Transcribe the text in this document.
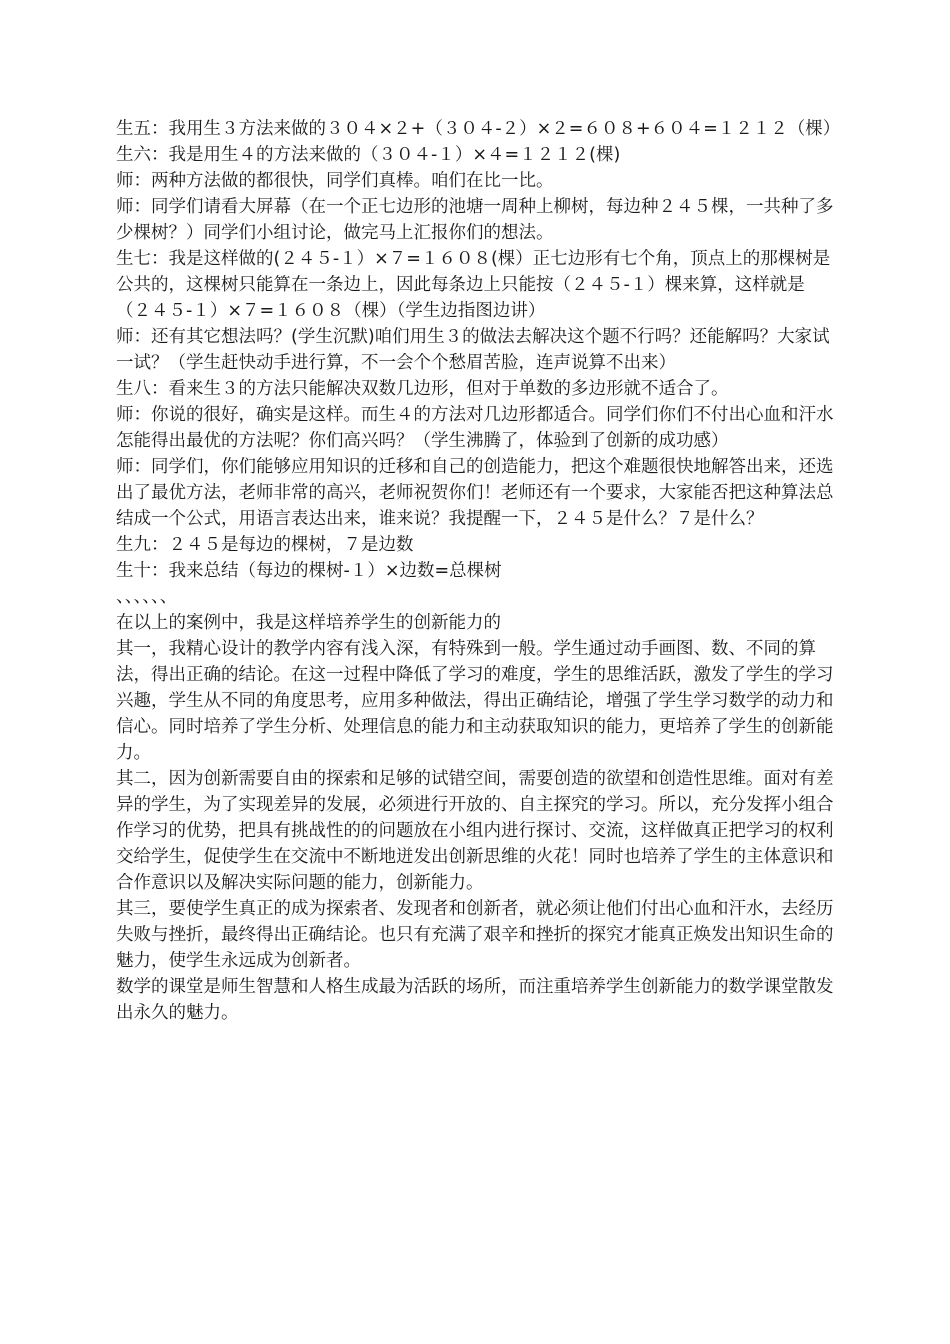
生五：我用生３方法来做的３０４×２+（３０４-２）×２=６０８+６０４=１２１２（棵）

生六：我是用生４的方法来做的（３０４-１）×４=１２１２(棵)

师：两种方法做的都很快，同学们真棒。咱们在比一比。

师：同学们请看大屏幕（在一个正七边形的池塘一周种上柳树，每边种２４５棵，一共种了多少棵树？）同学们小组讨论，做完马上汇报你们的想法。

生七：我是这样做的(２４５-１）×７=１６０８(棵）正七边形有七个角，顶点上的那棵树是公共的，这棵树只能算在一条边上，因此每条边上只能按（２４５-１）棵来算，这样就是（２４５-１）×７=１６０８（棵）（学生边指图边讲）

师：还有其它想法吗？(学生沉默)咱们用生３的做法去解决这个题不行吗？还能解吗？大家试一试？（学生赶快动手进行算，不一会个个愁眉苦脸，连声说算不出来）

生八：看来生３的方法只能解决双数几边形，但对于单数的多边形就不适合了。

师：你说的很好，确实是这样。而生４的方法对几边形都适合。同学们你们不付出心血和汗水怎能得出最优的方法呢？你们高兴吗？（学生沸腾了，体验到了创新的成功感）

师：同学们，你们能够应用知识的迁移和自己的创造能力，把这个难题很快地解答出来，还选出了最优方法，老师非常的高兴，老师祝贺你们！老师还有一个要求，大家能否把这种算法总结成一个公式，用语言表达出来，谁来说？我提醒一下，２４５是什么？７是什么？

生九：２４５是每边的棵树，７是边数

生十：我来总结（每边的棵树-１）×边数=总棵树

、、、、、、

在以上的案例中，我是这样培养学生的创新能力的

其一，我精心设计的教学内容有浅入深，有特殊到一般。学生通过动手画图、数、不同的算法，得出正确的结论。在这一过程中降低了学习的难度，学生的思维活跃，激发了学生的学习兴趣，学生从不同的角度思考，应用多种做法，得出正确结论，增强了学生学习数学的动力和信心。同时培养了学生分析、处理信息的能力和主动获取知识的能力，更培养了学生的创新能力。

其二，因为创新需要自由的探索和足够的试错空间，需要创造的欲望和创造性思维。面对有差异的学生，为了实现差异的发展，必须进行开放的、自主探究的学习。所以，充分发挥小组合作学习的优势，把具有挑战性的的问题放在小组内进行探讨、交流，这样做真正把学习的权利交给学生，促使学生在交流中不断地迸发出创新思维的火花！同时也培养了学生的主体意识和合作意识以及解决实际问题的能力，创新能力。

其三，要使学生真正的成为探索者、发现者和创新者，就必须让他们付出心血和汗水，去经历失败与挫折，最终得出正确结论。也只有充满了艰辛和挫折的探究才能真正焕发出知识生命的魅力，使学生永远成为创新者。

数学的课堂是师生智慧和人格生成最为活跃的场所，而注重培养学生创新能力的数学课堂散发出永久的魅力。
